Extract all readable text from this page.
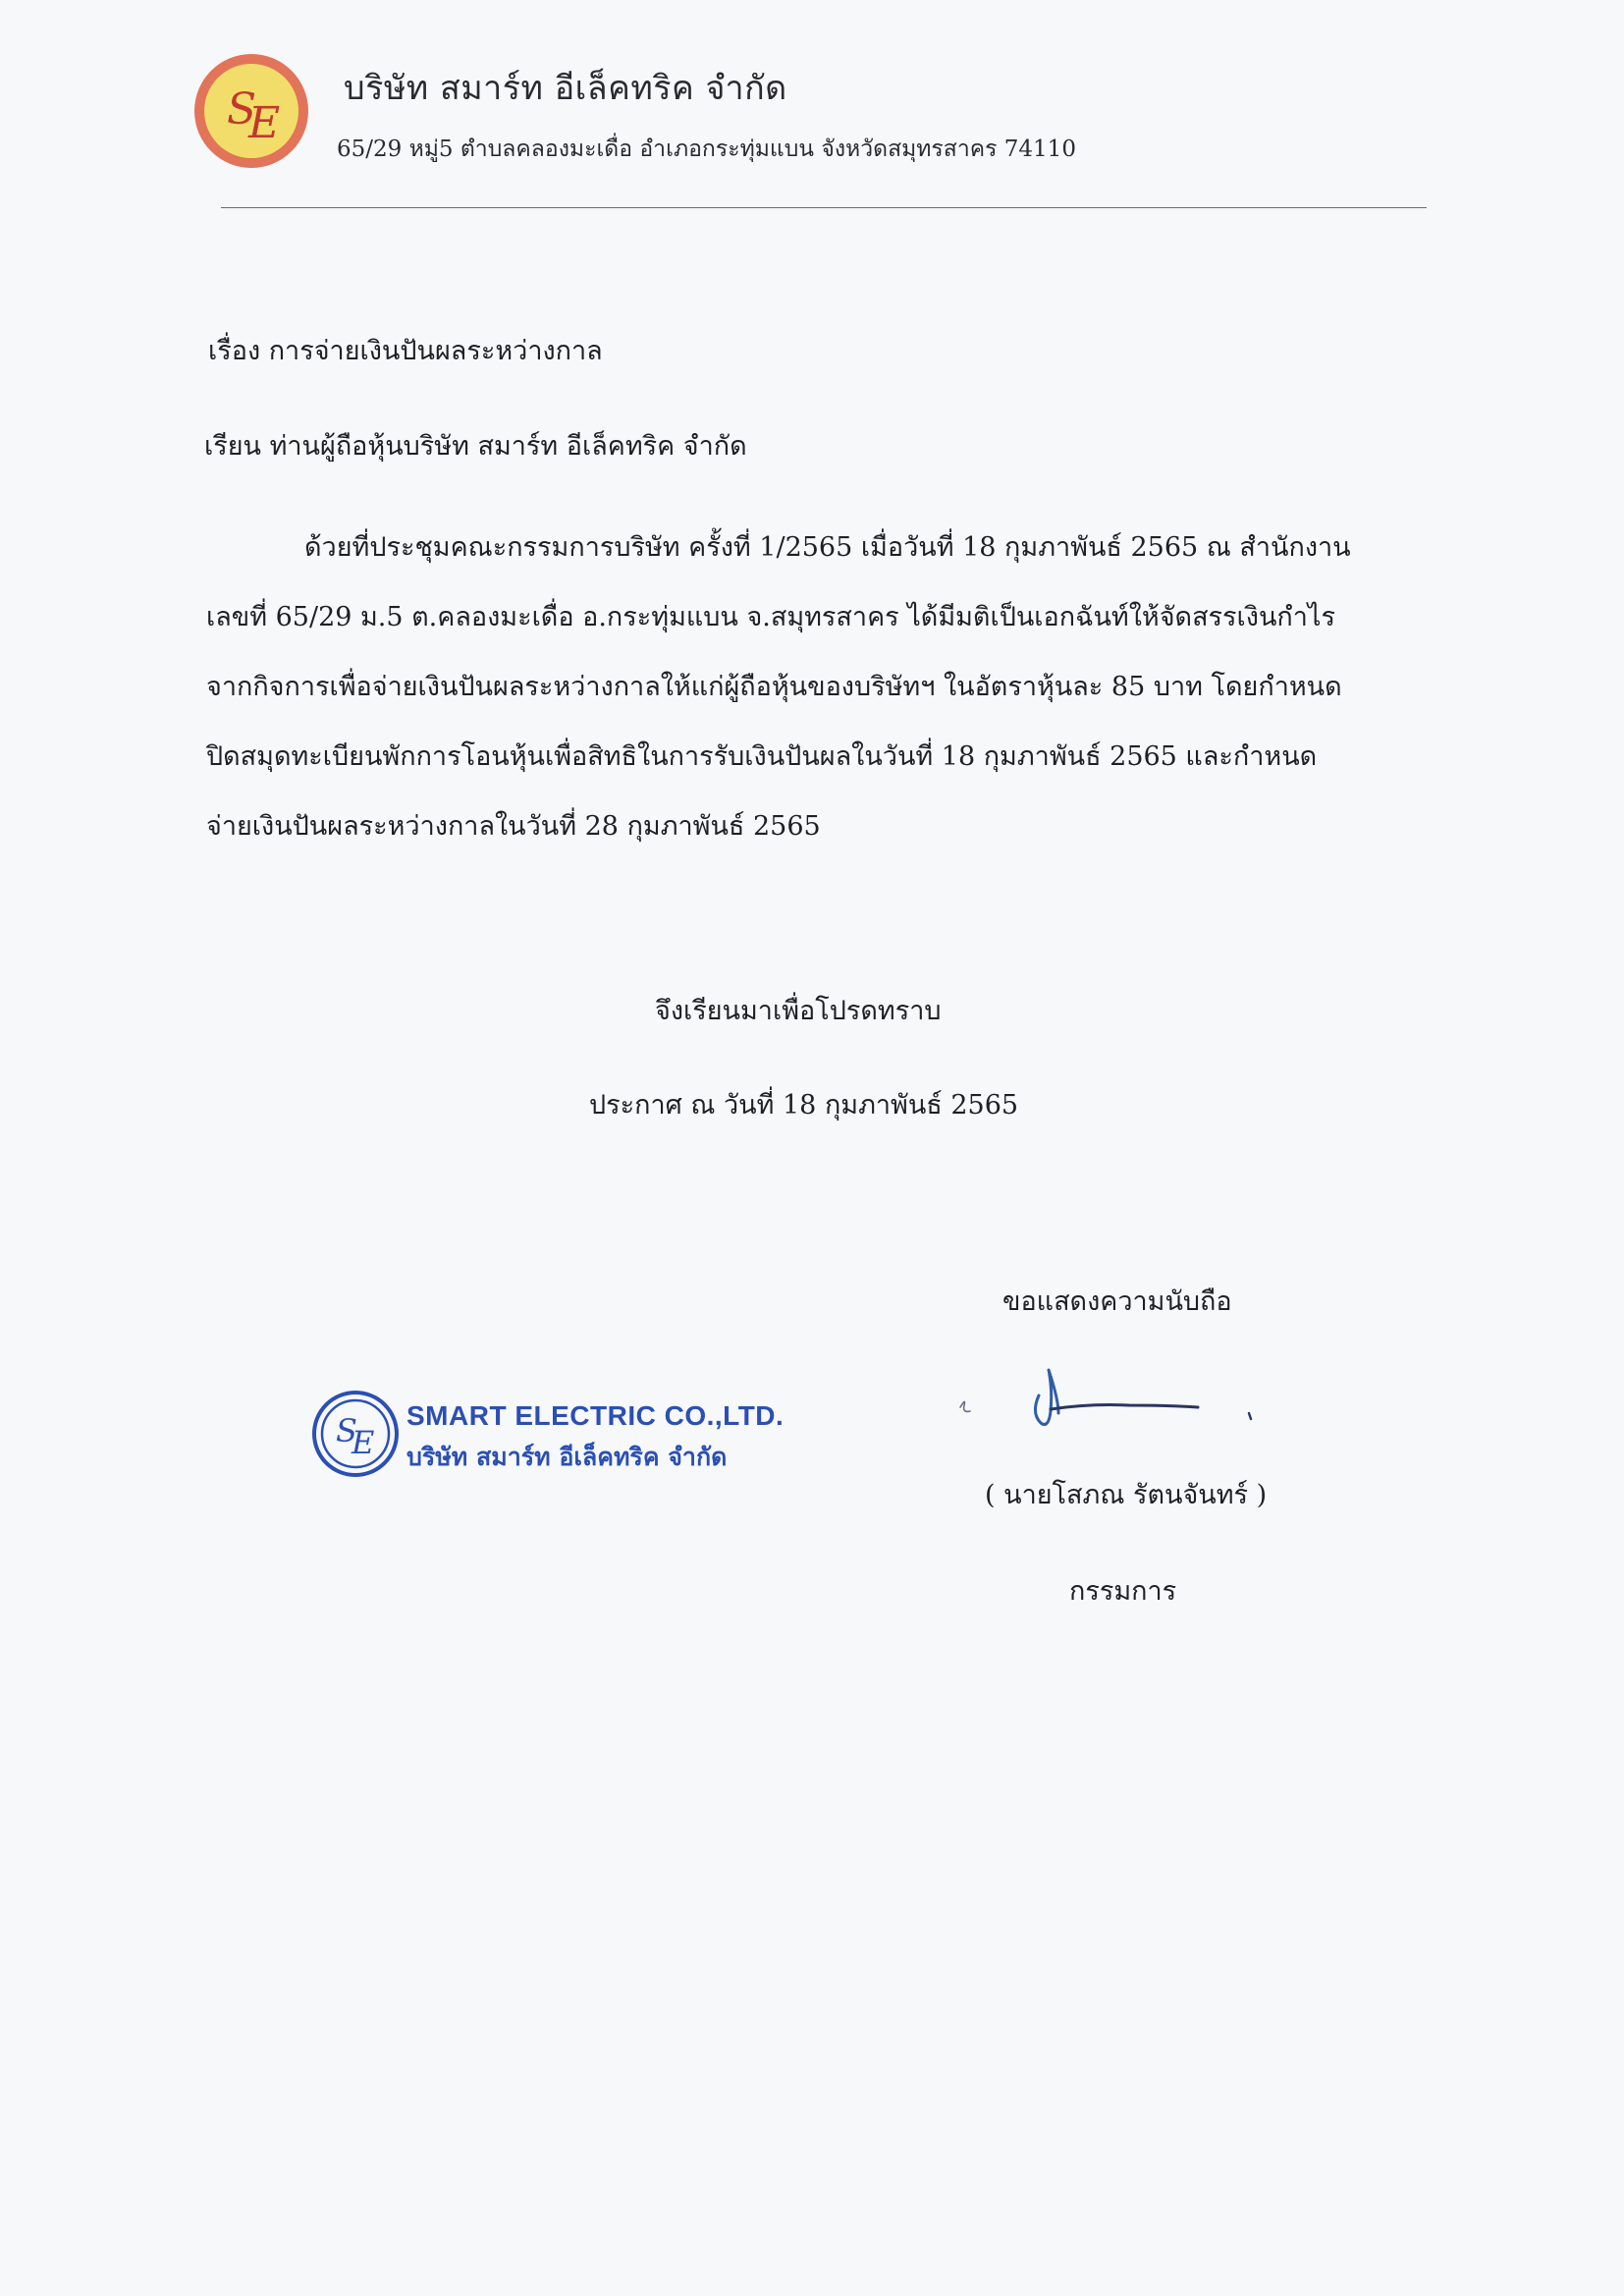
S
E
บริษัท สมาร์ท อีเล็คทริค จำกัด
65/29 หมู่5 ตำบลคลองมะเดื่อ อำเภอกระทุ่มแบน จังหวัดสมุทรสาคร 74110
เรื่อง การจ่ายเงินปันผลระหว่างกาล
เรียน ท่านผู้ถือหุ้นบริษัท สมาร์ท อีเล็คทริค จำกัด
ด้วยที่ประชุมคณะกรรมการบริษัท ครั้งที่ 1/2565 เมื่อวันที่ 18 กุมภาพันธ์ 2565 ณ สำนักงาน
เลขที่ 65/29 ม.5 ต.คลองมะเดื่อ อ.กระทุ่มแบน จ.สมุทรสาคร ได้มีมติเป็นเอกฉันท์ให้จัดสรรเงินกำไร
จากกิจการเพื่อจ่ายเงินปันผลระหว่างกาลให้แก่ผู้ถือหุ้นของบริษัทฯ ในอัตราหุ้นละ 85 บาท โดยกำหนด
ปิดสมุดทะเบียนพักการโอนหุ้นเพื่อสิทธิในการรับเงินปันผลในวันที่ 18 กุมภาพันธ์ 2565 และกำหนด
จ่ายเงินปันผลระหว่างกาลในวันที่ 28 กุมภาพันธ์ 2565
จึงเรียนมาเพื่อโปรดทราบ
ประกาศ ณ วันที่ 18 กุมภาพันธ์ 2565
ขอแสดงความนับถือ
( นายโสภณ รัตนจันทร์ )
กรรมการ
S
E
SMART ELECTRIC CO.,LTD.
บริษัท สมาร์ท อีเล็คทริค จำกัด
